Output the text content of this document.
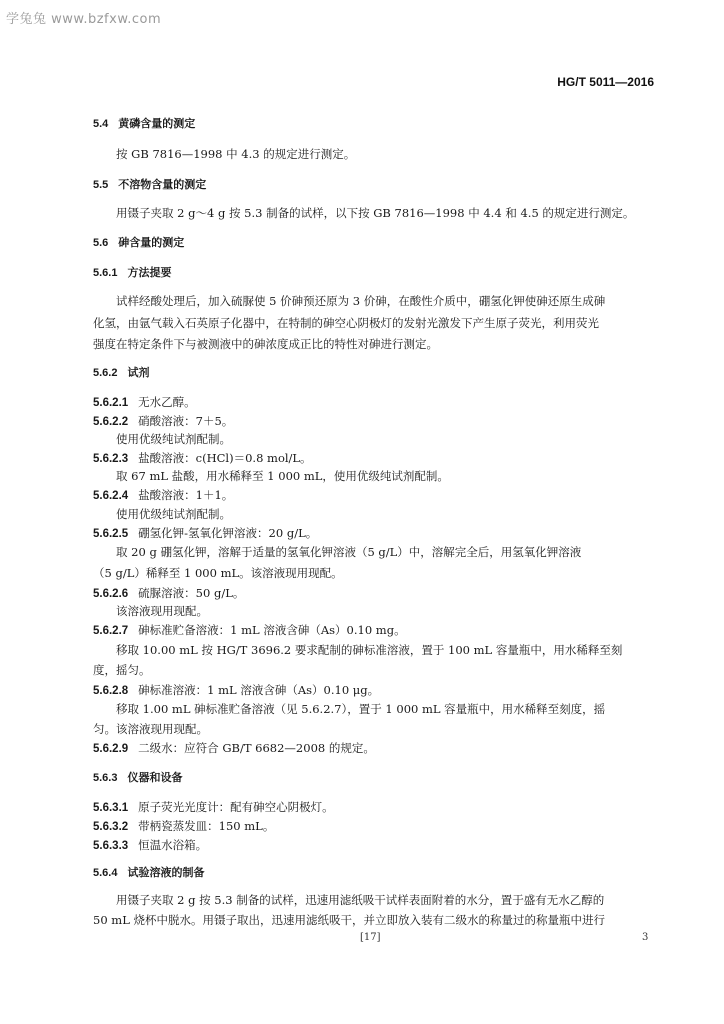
学兔兔 www.bzfxw.com
HG/T 5011—2016
5.4 黄磷含量的测定
按 GB 7816—1998 中 4.3 的规定进行测定。
5.5 不溶物含量的测定
用镊子夹取 2 g～4 g 按 5.3 制备的试样，以下按 GB 7816—1998 中 4.4 和 4.5 的规定进行测定。
5.6 砷含量的测定
5.6.1 方法提要
试样经酸处理后，加入硫脲使 5 价砷预还原为 3 价砷，在酸性介质中，硼氢化钾使砷还原生成砷
化氢，由氩气载入石英原子化器中，在特制的砷空心阴极灯的发射光激发下产生原子荧光，利用荧光
强度在特定条件下与被测液中的砷浓度成正比的特性对砷进行测定。
5.6.2 试剂
5.6.2.1 无水乙醇。
5.6.2.2 硝酸溶液：7＋5。
使用优级纯试剂配制。
5.6.2.3 盐酸溶液：c(HCl)＝0.8 mol/L。
取 67 mL 盐酸，用水稀释至 1 000 mL，使用优级纯试剂配制。
5.6.2.4 盐酸溶液：1＋1。
使用优级纯试剂配制。
5.6.2.5 硼氢化钾-氢氧化钾溶液：20 g/L。
取 20 g 硼氢化钾，溶解于适量的氢氧化钾溶液（5 g/L）中，溶解完全后，用氢氧化钾溶液
（5 g/L）稀释至 1 000 mL。该溶液现用现配。
5.6.2.6 硫脲溶液：50 g/L。
该溶液现用现配。
5.6.2.7 砷标准贮备溶液：1 mL 溶液含砷（As）0.10 mg。
移取 10.00 mL 按 HG/T 3696.2 要求配制的砷标准溶液，置于 100 mL 容量瓶中，用水稀释至刻
度，摇匀。
5.6.2.8 砷标准溶液：1 mL 溶液含砷（As）0.10 μg。
移取 1.00 mL 砷标准贮备溶液（见 5.6.2.7），置于 1 000 mL 容量瓶中，用水稀释至刻度，摇
匀。该溶液现用现配。
5.6.2.9 二级水：应符合 GB/T 6682—2008 的规定。
5.6.3 仪器和设备
5.6.3.1 原子荧光光度计：配有砷空心阴极灯。
5.6.3.2 带柄瓷蒸发皿：150 mL。
5.6.3.3 恒温水浴箱。
5.6.4 试验溶液的制备
用镊子夹取 2 g 按 5.3 制备的试样，迅速用滤纸吸干试样表面附着的水分，置于盛有无水乙醇的
50 mL 烧杯中脱水。用镊子取出，迅速用滤纸吸干，并立即放入装有二级水的称量过的称量瓶中进行
[17]	3
